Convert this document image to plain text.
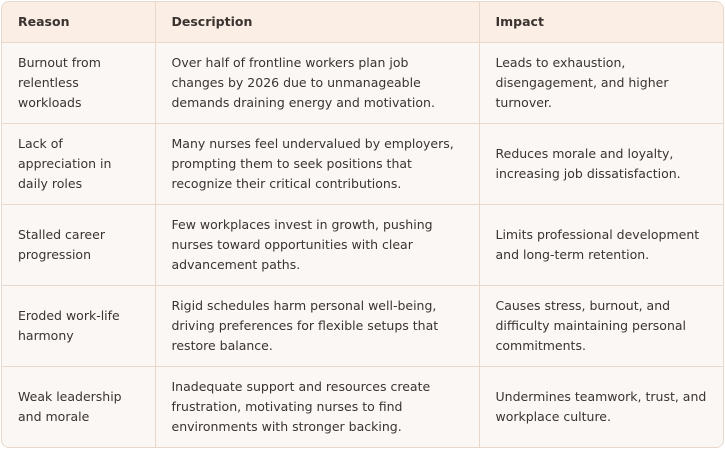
Reason	Description	Impact
Burnout from relentless workloads	Over half of frontline workers plan job changes by 2026 due to unmanageable demands draining energy and motivation.	Leads to exhaustion, disengagement, and higher turnover.
Lack of appreciation in daily roles	Many nurses feel undervalued by employers, prompting them to seek positions that recognize their critical contributions.	Reduces morale and loyalty, increasing job dissatisfaction.
Stalled career progression	Few workplaces invest in growth, pushing nurses toward opportunities with clear advancement paths.	Limits professional development and long-term retention.
Eroded work-life harmony	Rigid schedules harm personal well-being, driving preferences for flexible setups that restore balance.	Causes stress, burnout, and difficulty maintaining personal commitments.
Weak leadership and morale	Inadequate support and resources create frustration, motivating nurses to find environments with stronger backing.	Undermines teamwork, trust, and workplace culture.
